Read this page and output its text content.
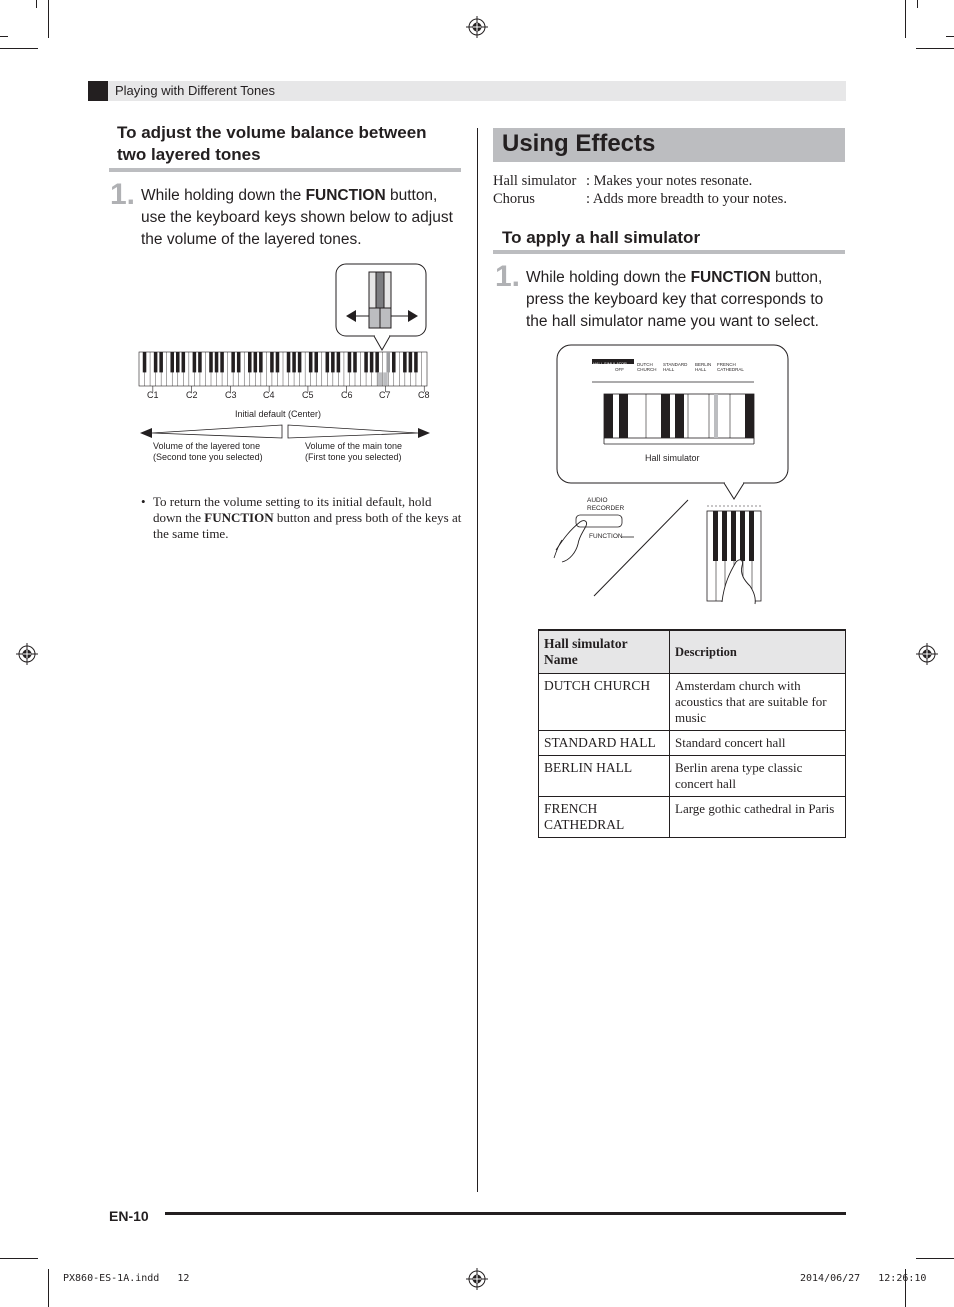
Playing with Different Tones
To adjust the volume balance between two layered tones
1. While holding down the FUNCTION button, use the keyboard keys shown below to adjust the volume of the layered tones.
C1	C2	C3	C4	C5	C6	C7	C8
Initial default (Center)
Volume of the layered tone
(Second tone you selected)
Volume of the main tone
(First tone you selected)
• To return the volume setting to its initial default, hold down the FUNCTION button and press both of the keys at the same time.
Using Effects
Hall simulator : Makes your notes resonate.
Chorus	: Adds more breadth to your notes.
To apply a hall simulator
1. While holding down the FUNCTION button, press the keyboard key that corresponds to the hall simulator name you want to select.
HALL SIMULATOR
OFF
DUTCH CHURCH
STANDARD HALL
BERLIN HALL
FRENCH CATHEDRAL
Hall simulator
AUDIO
RECORDER
FUNCTION
Hall simulator Name	Description
DUTCH CHURCH	Amsterdam church with acoustics that are suitable for music
STANDARD HALL	Standard concert hall
BERLIN HALL	Berlin arena type classic concert hall
FRENCH CATHEDRAL	Large gothic cathedral in Paris
EN-10
PX860-ES-1A.indd   12	2014/06/27   12:26:10
